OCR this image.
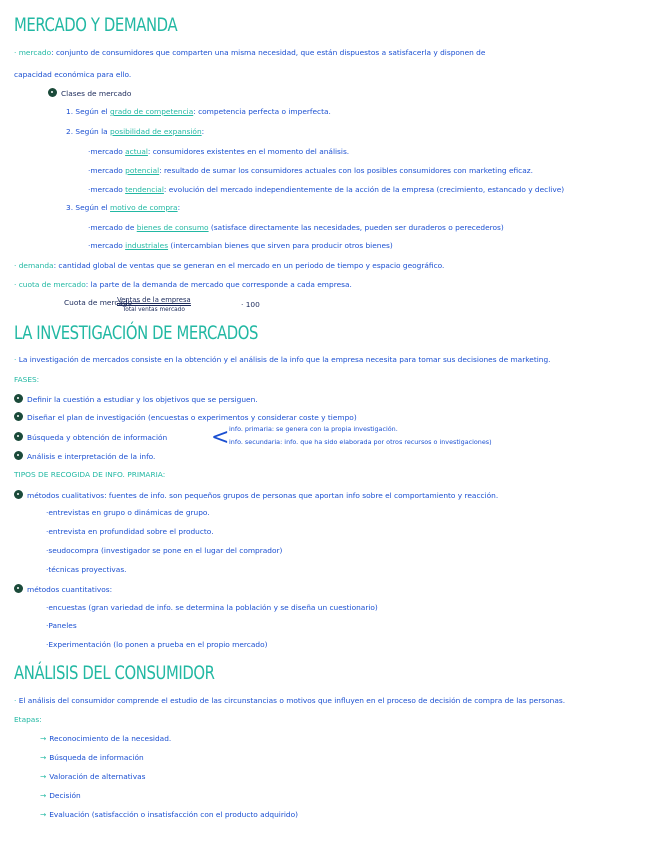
MERCADO Y DEMANDA
· mercado: conjunto de consumidores que comparten una misma necesidad, que están dispuestos a satisfacerla y disponen de
capacidad económica para ello.
Clases de mercado
1. Según el grado de competencia: competencia perfecta o imperfecta.
2. Según la posibilidad de expansión:
·mercado actual: consumidores existentes en el momento del análisis.
·mercado potencial: resultado de sumar los consumidores actuales con los posibles consumidores con marketing eficaz.
·mercado tendencial: evolución del mercado independientemente de la acción de la empresa (crecimiento, estancado y declive)
3. Según el motivo de compra:
·mercado de bienes de consumo (satisface directamente las necesidades, pueden ser duraderos o perecederos)
·mercado industriales (intercambian bienes que sirven para producir otros bienes)
· demanda: cantidad global de ventas que se generan en el mercado en un periodo de tiempo y espacio geográfico.
· cuota de mercado: la parte de la demanda de mercado que corresponde a cada empresa.
Cuota de mercado =
Ventas de la empresa
Total ventas mercado
· 100
LA INVESTIGACIÓN DE MERCADOS
· La investigación de mercados consiste en la obtención y el análisis de la info que la empresa necesita para tomar sus decisiones de marketing.
FASES:
Definir la cuestión a estudiar y los objetivos que se persiguen.
Diseñar el plan de investigación (encuestas o experimentos y considerar coste y tiempo)
Búsqueda y obtención de información < info. primaria: se genera con la propia investigación.
info. secundaria: info. que ha sido elaborada por otros recursos o investigaciones)
Análisis e interpretación de la info.
TIPOS DE RECOGIDA DE INFO. PRIMARIA:
métodos cualitativos: fuentes de info. son pequeños grupos de personas que aportan info sobre el comportamiento y reacción.
·entrevistas en grupo o dinámicas de grupo.
·entrevista en profundidad sobre el producto.
·seudocompra (investigador se pone en el lugar del comprador)
·técnicas proyectivas.
métodos cuantitativos:
·encuestas (gran variedad de info. se determina la población y se diseña un cuestionario)
·Paneles
·Experimentación (lo ponen a prueba en el propio mercado)
ANÁLISIS DEL CONSUMIDOR
· El análisis del consumidor comprende el estudio de las circunstancias o motivos que influyen en el proceso de decisión de compra de las personas.
Etapas:
→ Reconocimiento de la necesidad.
→ Búsqueda de información
→ Valoración de alternativas
→ Decisión
→ Evaluación (satisfacción o insatisfacción con el producto adquirido)
